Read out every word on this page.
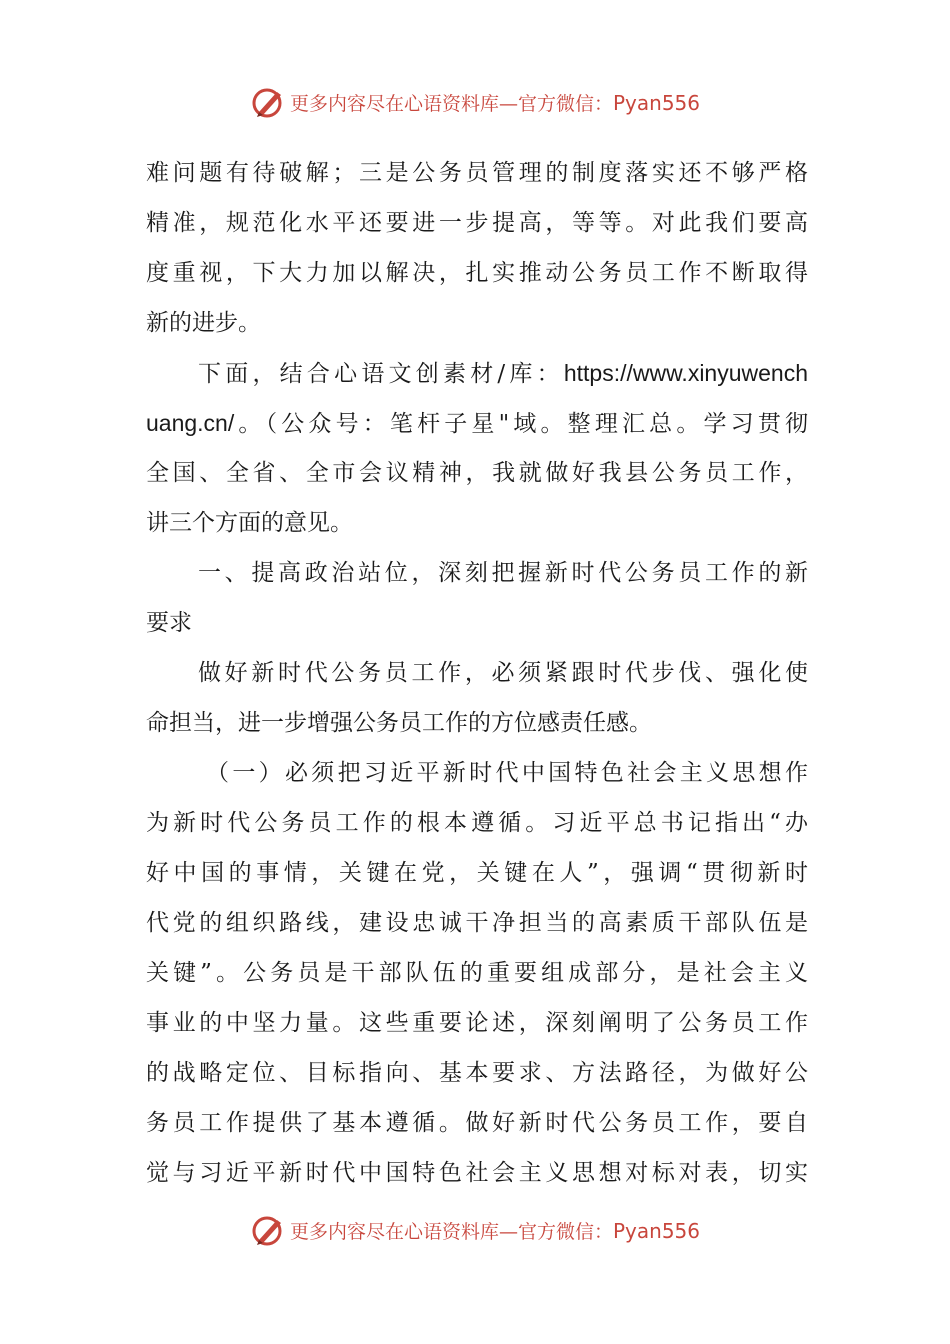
更多内容尽在心语资料库—官方微信：Pyan556
难问题有待破解；三是公务员管理的制度落实还不够严格
精准，规范化水平还要进一步提高，等等。对此我们要高
度重视，下大力加以解决，扎实推动公务员工作不断取得
新的进步。
下面，结合心语文创素材/库：https://www.xinyuwench
uang.cn/。（公众号：笔杆子星"域。整理汇总。学习贯彻
全国、全省、全市会议精神，我就做好我县公务员工作，
讲三个方面的意见。
一、提高政治站位，深刻把握新时代公务员工作的新
要求
做好新时代公务员工作，必须紧跟时代步伐、强化使
命担当，进一步增强公务员工作的方位感责任感。
（一）必须把习近平新时代中国特色社会主义思想作
为新时代公务员工作的根本遵循。习近平总书记指出“办
好中国的事情，关键在党，关键在人”，强调“贯彻新时
代党的组织路线，建设忠诚干净担当的高素质干部队伍是
关键”。公务员是干部队伍的重要组成部分，是社会主义
事业的中坚力量。这些重要论述，深刻阐明了公务员工作
的战略定位、目标指向、基本要求、方法路径，为做好公
务员工作提供了基本遵循。做好新时代公务员工作，要自
觉与习近平新时代中国特色社会主义思想对标对表，切实
更多内容尽在心语资料库—官方微信：Pyan556
